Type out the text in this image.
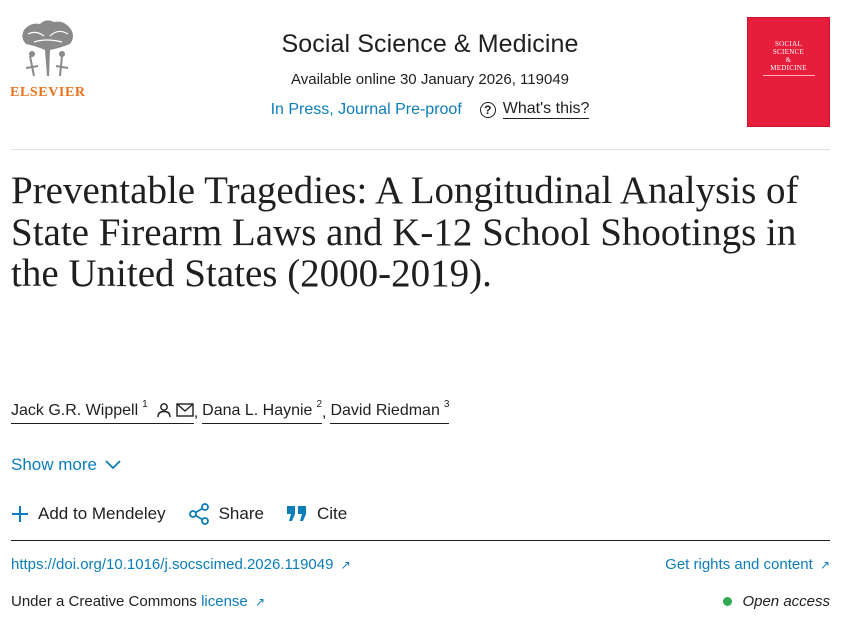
ELSEVIER
Social Science & Medicine
Available online 30 January 2026, 119049
In Press, Journal Pre-proof	? What's this?
SOCIAL
SCIENCE
&
MEDICINE
Preventable Tragedies: A Longitudinal Analysis of State Firearm Laws and K-12 School Shootings in the United States (2000-2019).
Jack G.R. Wippell $^1$	, Dana L. Haynie $^2$ , David Riedman $^3$
Show more
Add to Mendeley	Share	Cite
https://doi.org/10.1016/j.socscimed.2026.119049 ↗	Get rights and content ↗
Under a Creative Commons license ↗	Open access
